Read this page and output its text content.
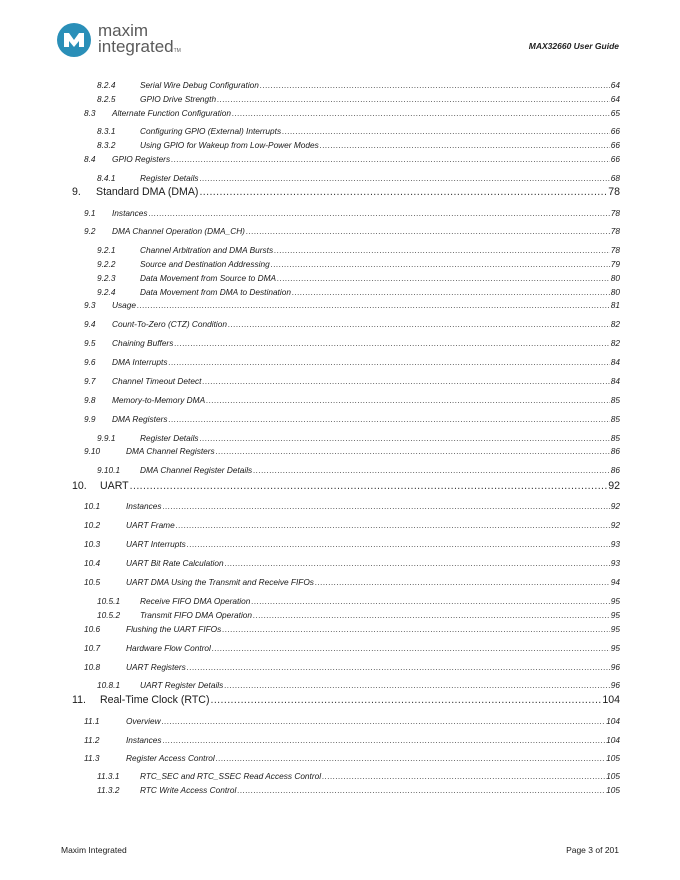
maxim
integratedTM	MAX32660 User Guide
8.2.4	Serial Wire Debug Configuration .....	64
8.2.5	GPIO Drive Strength .....	64
8.3	Alternate Function Configuration .....	65
8.3.1	Configuring GPIO (External) Interrupts .....	66
8.3.2	Using GPIO for Wakeup from Low-Power Modes .....	66
8.4	GPIO Registers .....	66
8.4.1	Register Details .....	68
9.	Standard DMA (DMA) .....	78
9.1	Instances .....	78
9.2	DMA Channel Operation (DMA_CH) .....	78
9.2.1	Channel Arbitration and DMA Bursts .....	78
9.2.2	Source and Destination Addressing .....	79
9.2.3	Data Movement from Source to DMA .....	80
9.2.4	Data Movement from DMA to Destination .....	80
9.3	Usage .....	81
9.4	Count-To-Zero (CTZ) Condition .....	82
9.5	Chaining Buffers .....	82
9.6	DMA Interrupts .....	84
9.7	Channel Timeout Detect .....	84
9.8	Memory-to-Memory DMA .....	85
9.9	DMA Registers .....	85
9.9.1	Register Details .....	85
9.10	DMA Channel Registers .....	86
9.10.1	DMA Channel Register Details .....	86
10.	UART .....	92
10.1	Instances .....	92
10.2	UART Frame .....	92
10.3	UART Interrupts .....	93
10.4	UART Bit Rate Calculation .....	93
10.5	UART DMA Using the Transmit and Receive FIFOs .....	94
10.5.1	Receive FIFO DMA Operation .....	95
10.5.2	Transmit FIFO DMA Operation .....	95
10.6	Flushing the UART FIFOs .....	95
10.7	Hardware Flow Control .....	95
10.8	UART Registers .....	96
10.8.1	UART Register Details .....	96
11.	Real-Time Clock (RTC) .....	104
11.1	Overview .....	104
11.2	Instances .....	104
11.3	Register Access Control .....	105
11.3.1	RTC_SEC and RTC_SSEC Read Access Control .....	105
11.3.2	RTC Write Access Control .....	105
Maxim Integrated	Page 3 of 201
